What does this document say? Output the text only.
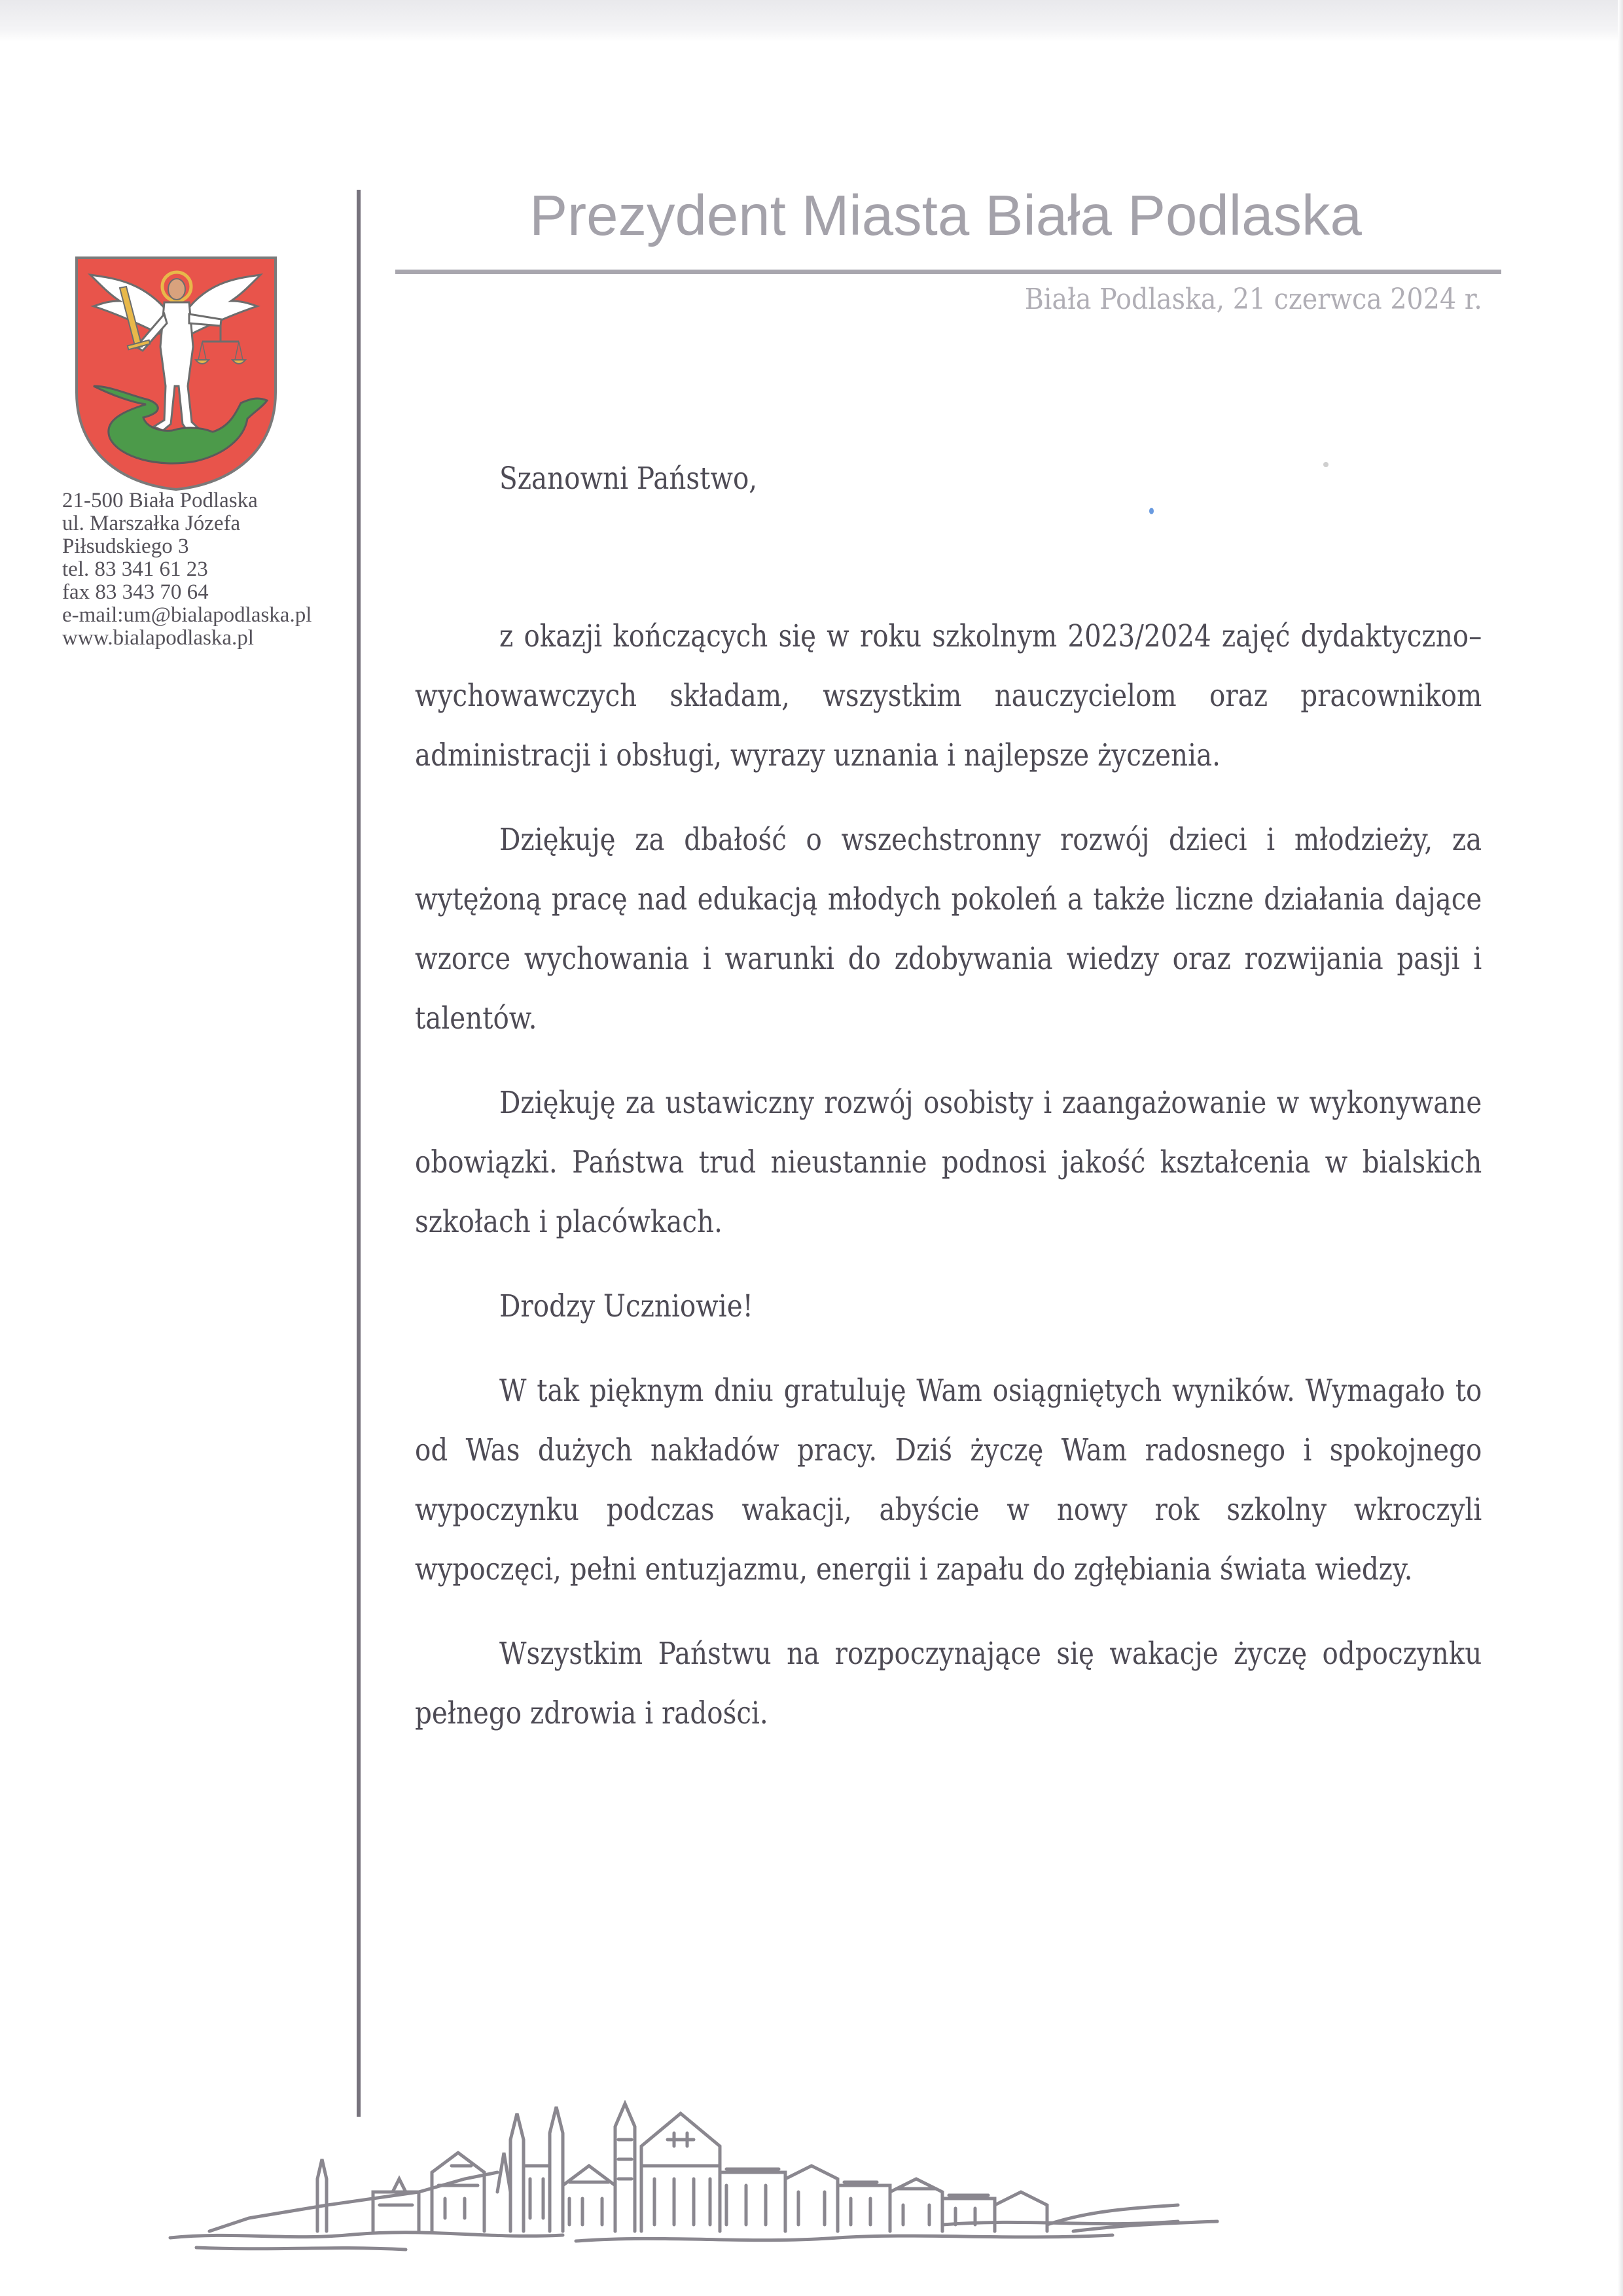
21-500 Biała Podlaska
ul. Marszałka Józefa
Piłsudskiego 3
tel. 83 341 61 23
fax 83 343 70 64
e-mail:um@bialapodlaska.pl
www.bialapodlaska.pl
Prezydent Miasta Biała Podlaska
Biała Podlaska, 21 czerwca 2024 r.
Szanowni Państwo,
z okazji kończących się w roku szkolnym 2023/2024 zajęć dydaktyczno–wychowawczych składam, wszystkim nauczycielom oraz pracownikom administracji i obsługi, wyrazy uznania i najlepsze życzenia.
Dziękuję za dbałość o wszechstronny rozwój dzieci i młodzieży, za wytężoną pracę nad edukacją młodych pokoleń a także liczne działania dające wzorce wychowania i warunki do zdobywania wiedzy oraz rozwijania pasji i talentów.
Dziękuję za ustawiczny rozwój osobisty i zaangażowanie w wykonywane obowiązki. Państwa trud nieustannie podnosi jakość kształcenia w bialskich szkołach i placówkach.
Drodzy Uczniowie!
W tak pięknym dniu gratuluję Wam osiągniętych wyników. Wymagało to od Was dużych nakładów pracy. Dziś życzę Wam radosnego i spokojnego wypoczynku podczas wakacji, abyście w nowy rok szkolny wkroczyli wypoczęci, pełni entuzjazmu, energii i zapału do zgłębiania świata wiedzy.
Wszystkim Państwu na rozpoczynające się wakacje życzę odpoczynku pełnego zdrowia i radości.
